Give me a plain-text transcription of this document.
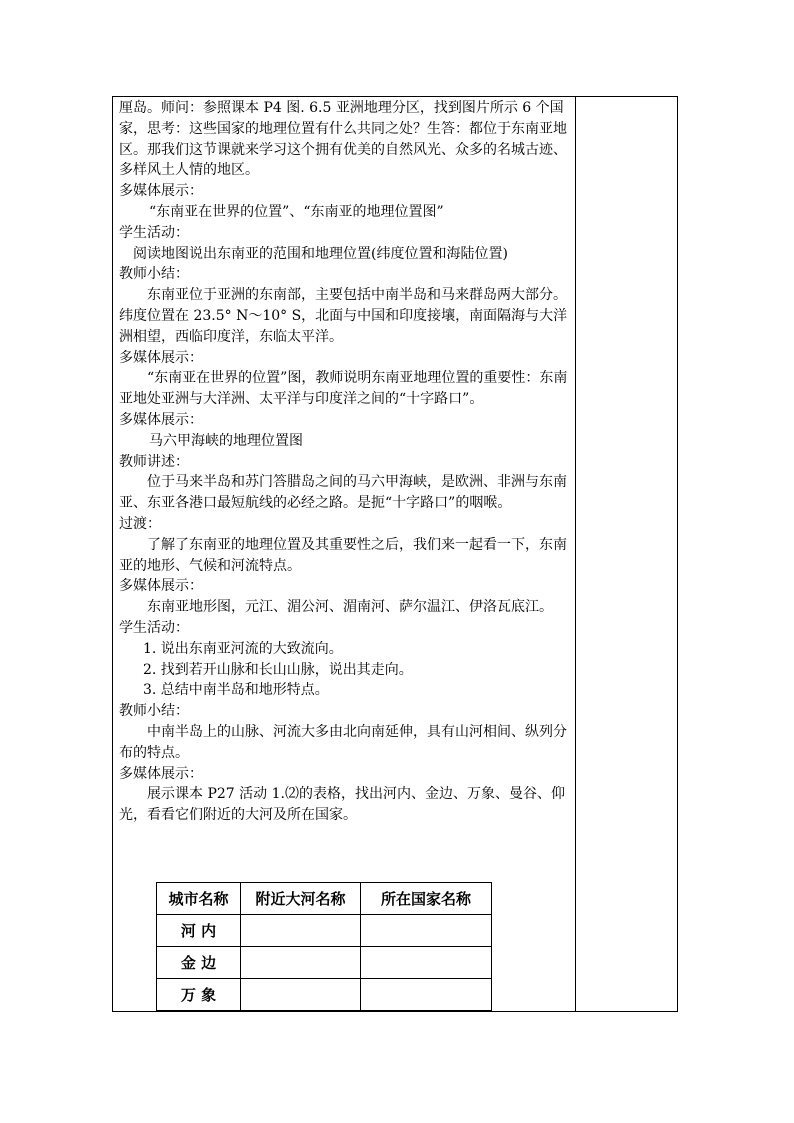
厘岛。师问：参照课本 P4 图. 6.5 亚洲地理分区，找到图片所示 6 个国家，思考：这些国家的地理位置有什么共同之处？生答：都位于东南亚地区。那我们这节课就来学习这个拥有优美的自然风光、众多的名城古迹、多样风土人情的地区。

多媒体展示：

“东南亚在世界的位置”、“东南亚的地理位置图”

学生活动：

阅读地图说出东南亚的范围和地理位置(纬度位置和海陆位置)

教师小结：

东南亚位于亚洲的东南部，主要包括中南半岛和马来群岛两大部分。纬度位置在 23.5° N～10° S，北面与中国和印度接壤，南面隔海与大洋洲相望，西临印度洋，东临太平洋。

多媒体展示：

“东南亚在世界的位置”图，教师说明东南亚地理位置的重要性：东南亚地处亚洲与大洋洲、太平洋与印度洋之间的“十字路口”。

多媒体展示：

马六甲海峡的地理位置图

教师讲述：

位于马来半岛和苏门答腊岛之间的马六甲海峡，是欧洲、非洲与东南亚、东亚各港口最短航线的必经之路。是扼“十字路口”的咽喉。

过渡：

了解了东南亚的地理位置及其重要性之后，我们来一起看一下，东南亚的地形、气候和河流特点。

多媒体展示：

东南亚地形图，元江、湄公河、湄南河、萨尔温江、伊洛瓦底江。

学生活动：

1. 说出东南亚河流的大致流向。
2. 找到若开山脉和长山山脉，说出其走向。
3. 总结中南半岛和地形特点。

教师小结：

中南半岛上的山脉、河流大多由北向南延伸，具有山河相间、纵列分布的特点。

多媒体展示：

展示课本 P27 活动 1.⑵的表格，找出河内、金边、万象、曼谷、仰光，看看它们附近的大河及所在国家。

城市名称	附近大河名称	所在国家名称
河 内		
金 边		
万 象		
